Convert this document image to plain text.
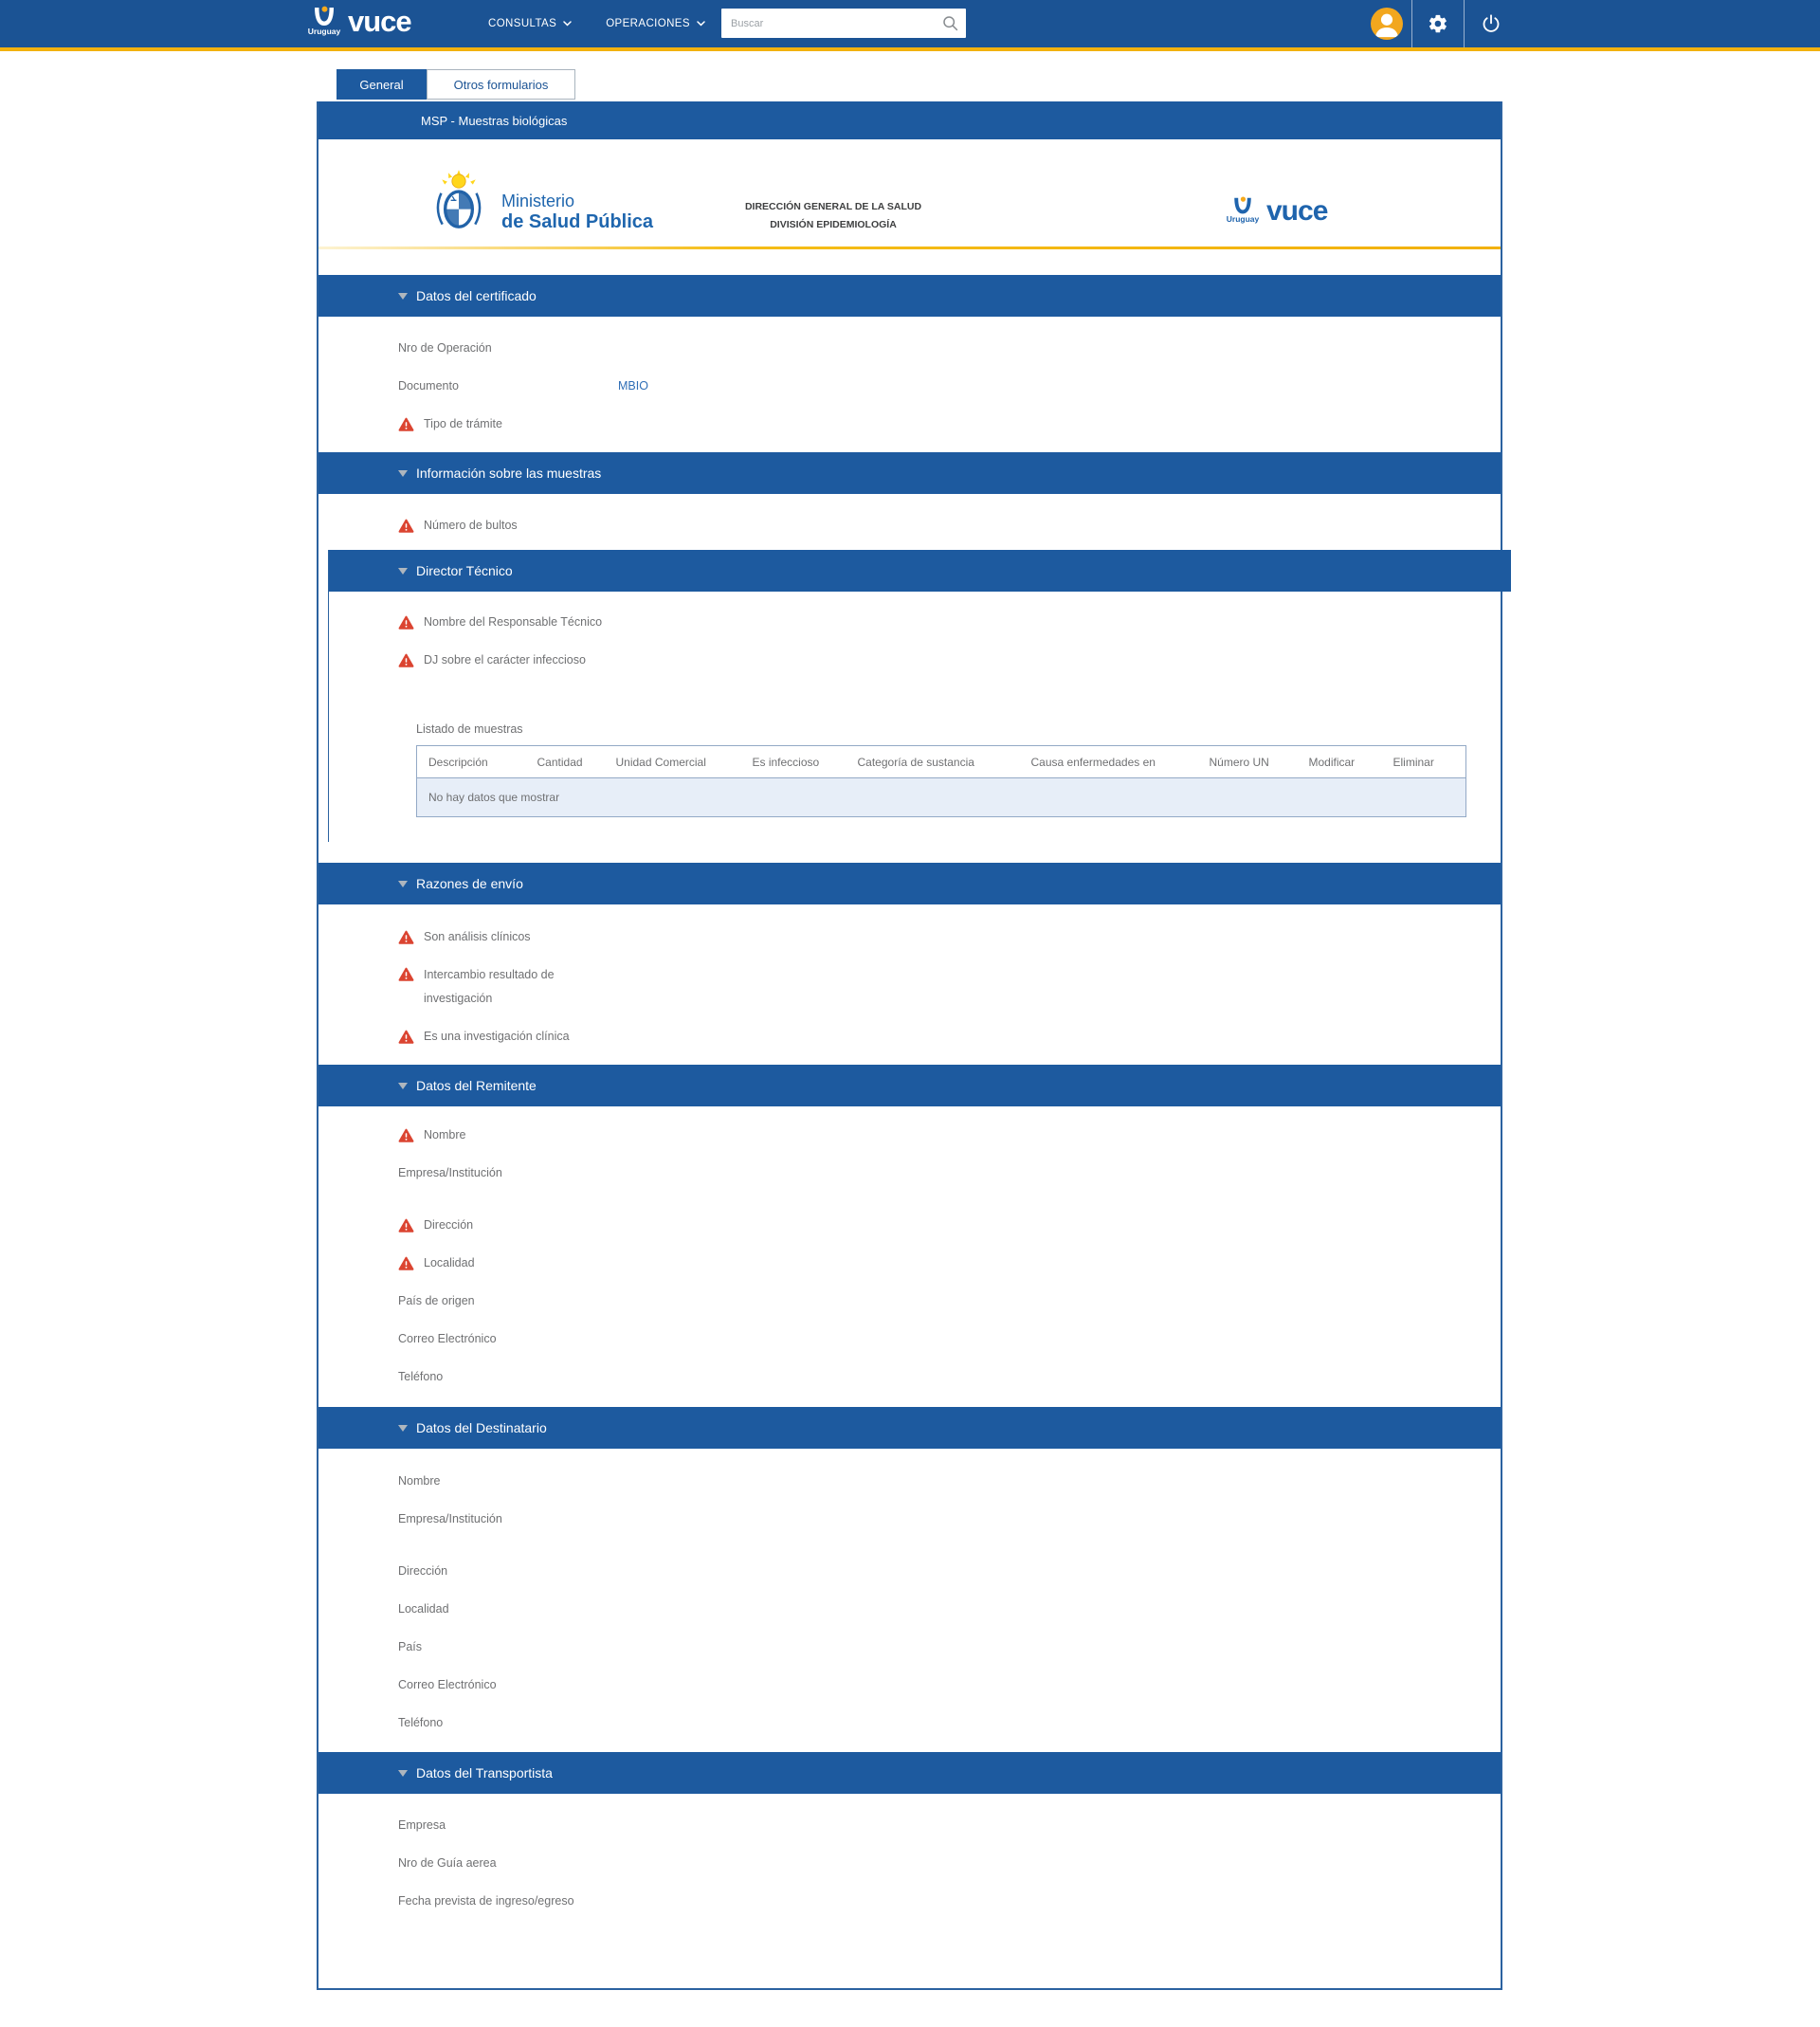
Uruguay vuce	CONSULTAS	OPERACIONES
Buscar
General	Otros formularios
MSP - Muestras biológicas
Ministerio
de Salud Pública
DIRECCIÓN GENERAL DE LA SALUD
DIVISIÓN EPIDEMIOLOGÍA	Uruguay vuce
Datos del certificado
Nro de Operación
Documento	MBIO
Tipo de trámite
Información sobre las muestras
Número de bultos
Director Técnico
Nombre del Responsable Técnico
DJ sobre el carácter infeccioso
Listado de muestras
Descripción	Cantidad	Unidad Comercial	Es infeccioso	Categoría de sustancia	Causa enfermedades en	Número UN	Modificar	Eliminar
No hay datos que mostrar
Razones de envío
Son análisis clínicos
Intercambio resultado de investigación
Es una investigación clínica
Datos del Remitente
Nombre
Empresa/Institución
Dirección
Localidad
País de origen
Correo Electrónico
Teléfono
Datos del Destinatario
Nombre
Empresa/Institución
Dirección
Localidad
País
Correo Electrónico
Teléfono
Datos del Transportista
Empresa
Nro de Guía aerea
Fecha prevista de ingreso/egreso
